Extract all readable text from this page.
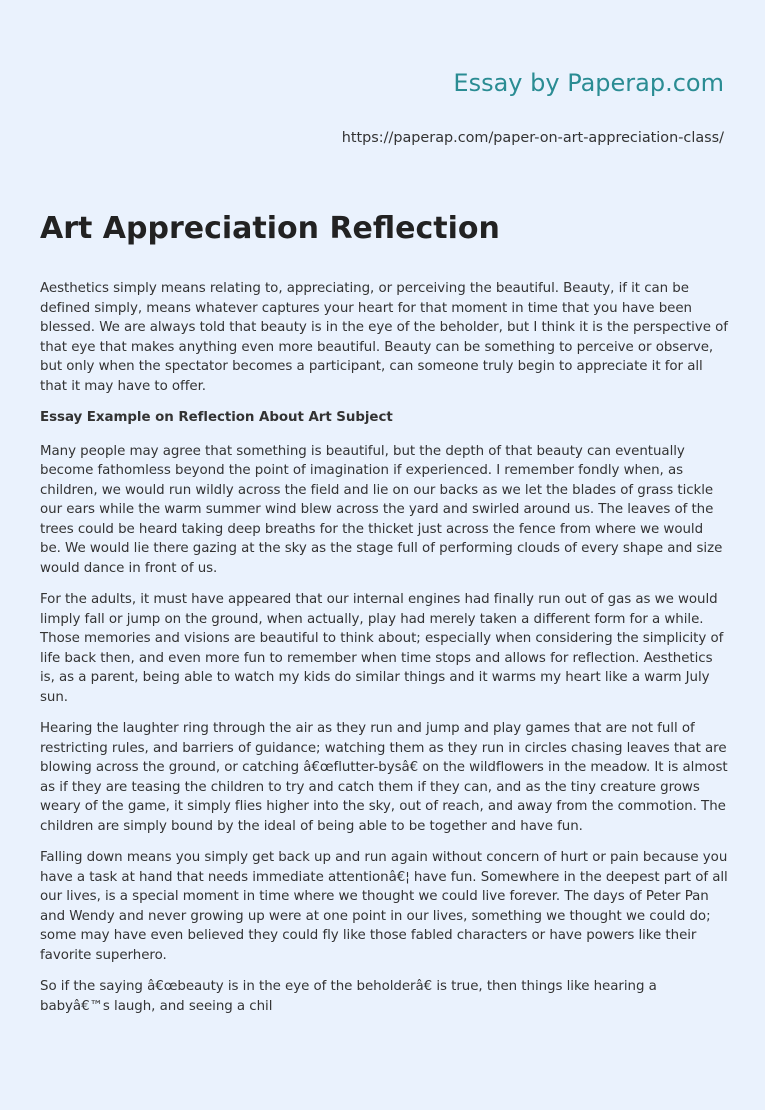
Essay by Paperap.com
https://paperap.com/paper-on-art-appreciation-class/
Art Appreciation Reflection

Aesthetics simply means relating to, appreciating, or perceiving the beautiful. Beauty, if it can be defined simply, means whatever captures your heart for that moment in time that you have been blessed. We are always told that beauty is in the eye of the beholder, but I think it is the perspective of that eye that makes anything even more beautiful. Beauty can be something to perceive or observe, but only when the spectator becomes a participant, can someone truly begin to appreciate it for all that it may have to offer.

Essay Example on Reflection About Art Subject

Many people may agree that something is beautiful, but the depth of that beauty can eventually become fathomless beyond the point of imagination if experienced. I remember fondly when, as children, we would run wildly across the field and lie on our backs as we let the blades of grass tickle our ears while the warm summer wind blew across the yard and swirled around us. The leaves of the trees could be heard taking deep breaths for the thicket just across the fence from where we would be. We would lie there gazing at the sky as the stage full of performing clouds of every shape and size would dance in front of us.

For the adults, it must have appeared that our internal engines had finally run out of gas as we would limply fall or jump on the ground, when actually, play had merely taken a different form for a while. Those memories and visions are beautiful to think about; especially when considering the simplicity of life back then, and even more fun to remember when time stops and allows for reflection. Aesthetics is, as a parent, being able to watch my kids do similar things and it warms my heart like a warm July sun.

Hearing the laughter ring through the air as they run and jump and play games that are not full of restricting rules, and barriers of guidance; watching them as they run in circles chasing leaves that are blowing across the ground, or catching â€œflutter-bysâ€ on the wildflowers in the meadow. It is almost as if they are teasing the children to try and catch them if they can, and as the tiny creature grows weary of the game, it simply flies higher into the sky, out of reach, and away from the commotion. The children are simply bound by the ideal of being able to be together and have fun.

Falling down means you simply get back up and run again without concern of hurt or pain because you have a task at hand that needs immediate attentionâ€¦ have fun. Somewhere in the deepest part of all our lives, is a special moment in time where we thought we could live forever. The days of Peter Pan and Wendy and never growing up were at one point in our lives, something we thought we could do; some may have even believed they could fly like those fabled characters or have powers like their favorite superhero.

So if the saying â€œbeauty is in the eye of the beholderâ€ is true, then things like hearing a babyâ€™s laugh, and seeing a chil
